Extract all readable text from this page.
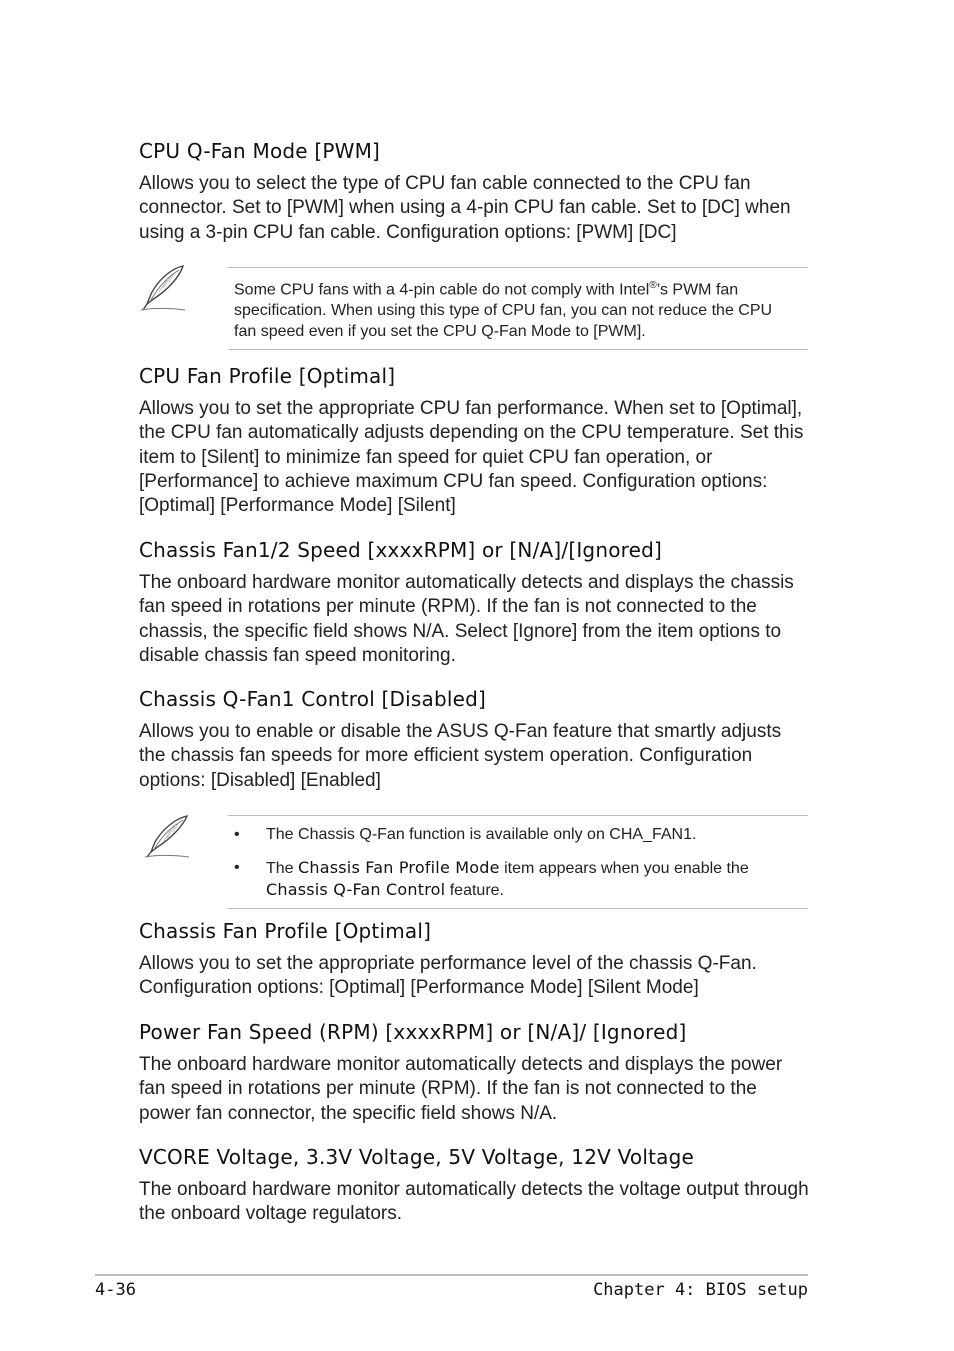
CPU Q-Fan Mode [PWM]

Allows you to select the type of CPU fan cable connected to the CPU fan connector. Set to [PWM] when using a 4-pin CPU fan cable. Set to [DC] when using a 3-pin CPU fan cable. Configuration options: [PWM] [DC]

Some CPU fans with a 4-pin cable do not comply with Intel®’s PWM fan specification. When using this type of CPU fan, you can not reduce the CPU fan speed even if you set the CPU Q-Fan Mode to [PWM].

CPU Fan Profile [Optimal]

Allows you to set the appropriate CPU fan performance. When set to [Optimal], the CPU fan automatically adjusts depending on the CPU temperature. Set this item to [Silent] to minimize fan speed for quiet CPU fan operation, or [Performance] to achieve maximum CPU fan speed. Configuration options: [Optimal] [Performance Mode] [Silent]

Chassis Fan1/2 Speed [xxxxRPM] or [N/A]/[Ignored]

The onboard hardware monitor automatically detects and displays the chassis fan speed in rotations per minute (RPM). If the fan is not connected to the chassis, the specific field shows N/A. Select [Ignore] from the item options to disable chassis fan speed monitoring.

Chassis Q-Fan1 Control [Disabled]

Allows you to enable or disable the ASUS Q-Fan feature that smartly adjusts the chassis fan speeds for more efficient system operation. Configuration options: [Disabled] [Enabled]

• The Chassis Q-Fan function is available only on CHA_FAN1.
• The Chassis Fan Profile Mode item appears when you enable the Chassis Q-Fan Control feature.
Chassis Fan Profile [Optimal]

Allows you to set the appropriate performance level of the chassis Q-Fan. Configuration options: [Optimal] [Performance Mode] [Silent Mode]

Power Fan Speed (RPM) [xxxxRPM] or [N/A]/ [Ignored]

The onboard hardware monitor automatically detects and displays the power fan speed in rotations per minute (RPM). If the fan is not connected to the power fan connector, the specific field shows N/A.

VCORE Voltage, 3.3V Voltage, 5V Voltage, 12V Voltage

The onboard hardware monitor automatically detects the voltage output through the onboard voltage regulators.

4-36	Chapter 4: BIOS setup
